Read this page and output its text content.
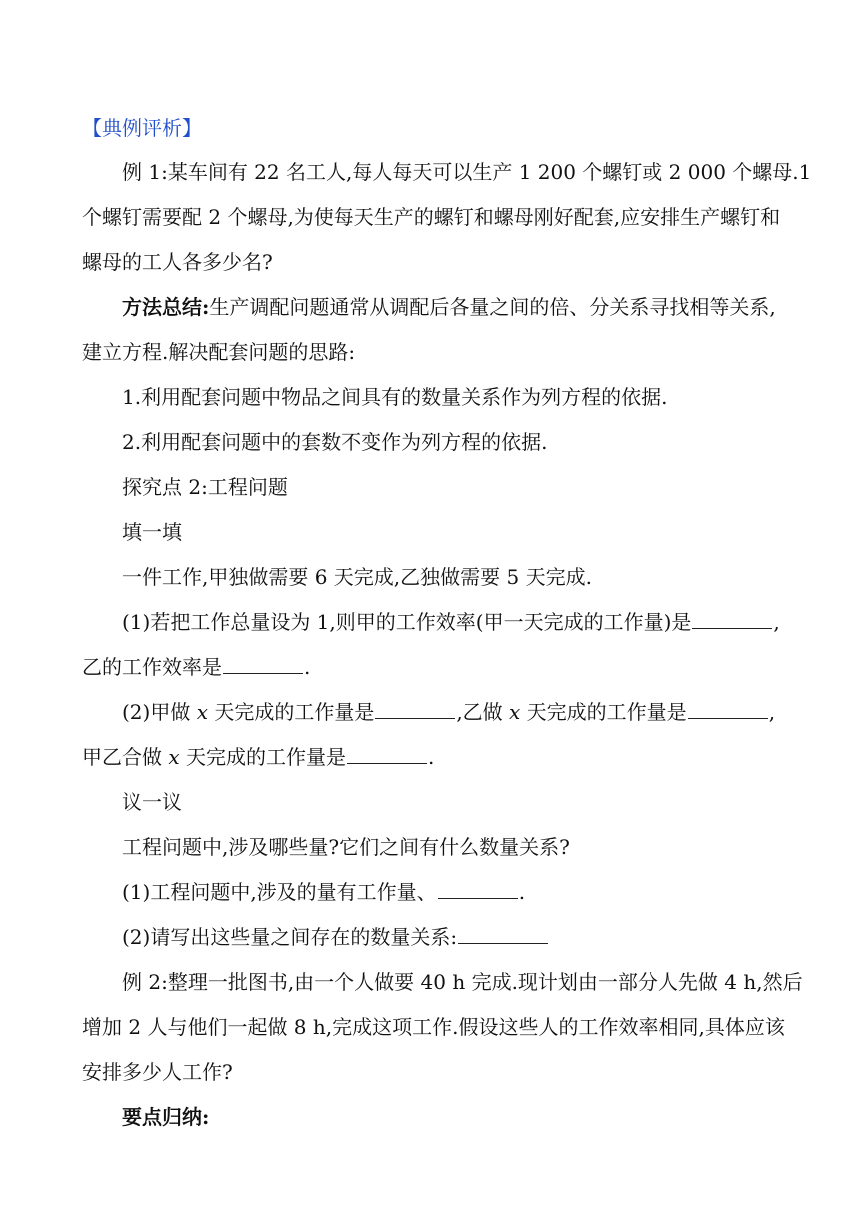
【典例评析】
例 1:某车间有 22 名工人,每人每天可以生产 1 200 个螺钉或 2 000 个螺母.1
个螺钉需要配 2 个螺母,为使每天生产的螺钉和螺母刚好配套,应安排生产螺钉和
螺母的工人各多少名?
方法总结:生产调配问题通常从调配后各量之间的倍、分关系寻找相等关系,
建立方程.解决配套问题的思路:
1.利用配套问题中物品之间具有的数量关系作为列方程的依据.
2.利用配套问题中的套数不变作为列方程的依据.
探究点 2:工程问题
填一填
一件工作,甲独做需要 6 天完成,乙独做需要 5 天完成.
(1)若把工作总量设为 1,则甲的工作效率(甲一天完成的工作量)是	,
乙的工作效率是	.
(2)甲做 x 天完成的工作量是	,乙做 x 天完成的工作量是	,
甲乙合做 x 天完成的工作量是	.
议一议
工程问题中,涉及哪些量?它们之间有什么数量关系?
(1)工程问题中,涉及的量有工作量、	.
(2)请写出这些量之间存在的数量关系:
例 2:整理一批图书,由一个人做要 40 h 完成.现计划由一部分人先做 4 h,然后
增加 2 人与他们一起做 8 h,完成这项工作.假设这些人的工作效率相同,具体应该
安排多少人工作?
要点归纳:
